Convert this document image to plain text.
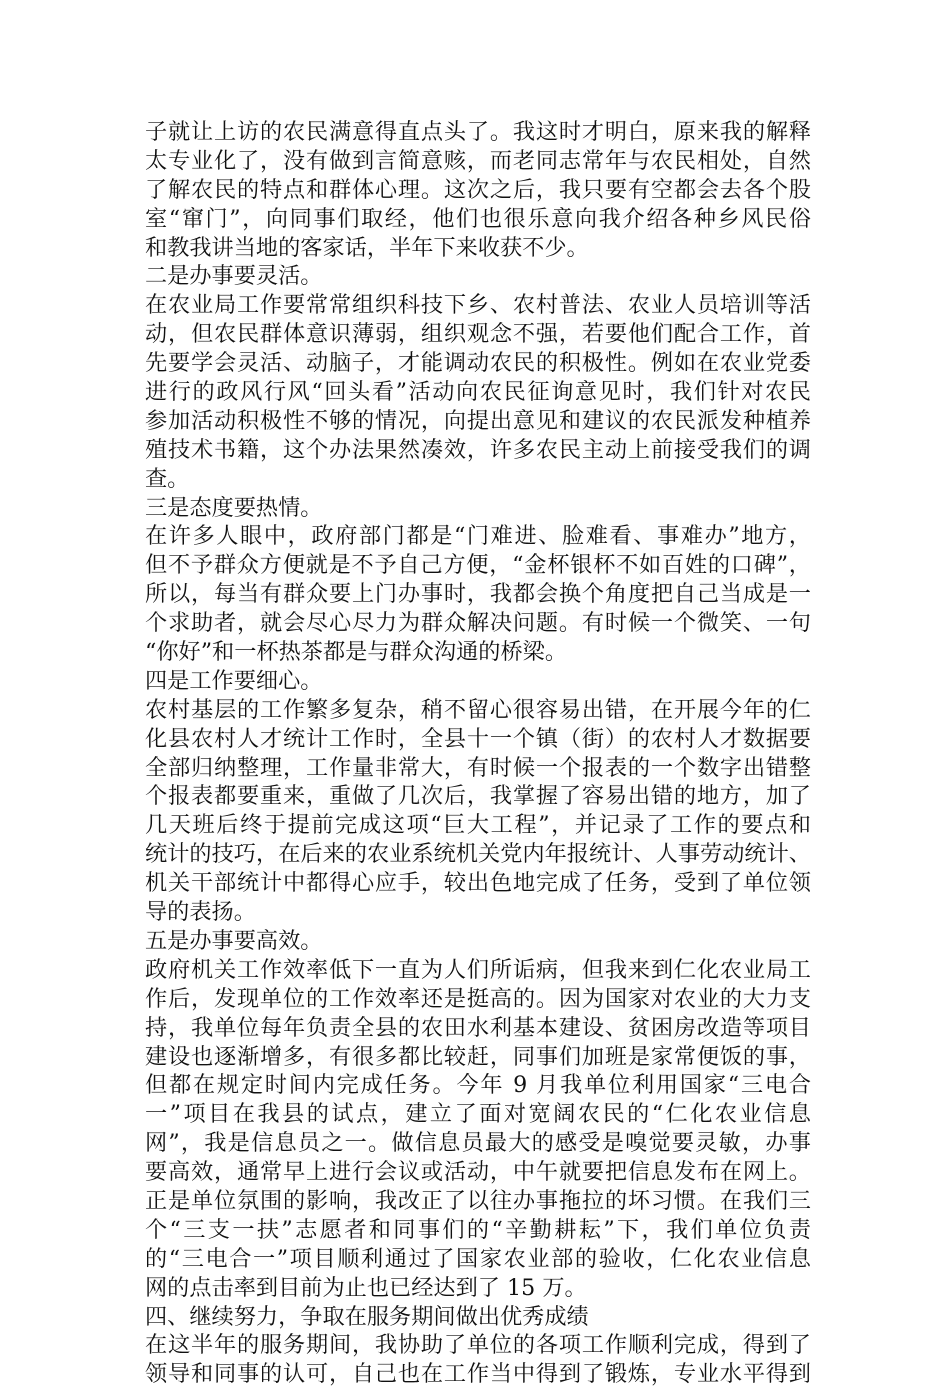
子就让上访的农民满意得直点头了。我这时才明白，原来我的解释
太专业化了，没有做到言简意赅，而老同志常年与农民相处，自然
了解农民的特点和群体心理。这次之后，我只要有空都会去各个股
室“窜门”，向同事们取经，他们也很乐意向我介绍各种乡风民俗
和教我讲当地的客家话，半年下来收获不少。
二是办事要灵活。
在农业局工作要常常组织科技下乡、农村普法、农业人员培训等活
动，但农民群体意识薄弱，组织观念不强，若要他们配合工作，首
先要学会灵活、动脑子，才能调动农民的积极性。例如在农业党委
进行的政风行风“回头看”活动向农民征询意见时，我们针对农民
参加活动积极性不够的情况，向提出意见和建议的农民派发种植养
殖技术书籍，这个办法果然凑效，许多农民主动上前接受我们的调
查。
三是态度要热情。
在许多人眼中，政府部门都是“门难进、脸难看、事难办”地方，
但不予群众方便就是不予自己方便，“金杯银杯不如百姓的口碑”，
所以，每当有群众要上门办事时，我都会换个角度把自己当成是一
个求助者，就会尽心尽力为群众解决问题。有时候一个微笑、一句
“你好”和一杯热茶都是与群众沟通的桥梁。
四是工作要细心。
农村基层的工作繁多复杂，稍不留心很容易出错，在开展今年的仁
化县农村人才统计工作时，全县十一个镇（街）的农村人才数据要
全部归纳整理，工作量非常大，有时候一个报表的一个数字出错整
个报表都要重来，重做了几次后，我掌握了容易出错的地方，加了
几天班后终于提前完成这项“巨大工程”，并记录了工作的要点和
统计的技巧，在后来的农业系统机关党内年报统计、人事劳动统计、
机关干部统计中都得心应手，较出色地完成了任务，受到了单位领
导的表扬。
五是办事要高效。
政府机关工作效率低下一直为人们所诟病，但我来到仁化农业局工
作后，发现单位的工作效率还是挺高的。因为国家对农业的大力支
持，我单位每年负责全县的农田水利基本建设、贫困房改造等项目
建设也逐渐增多，有很多都比较赶，同事们加班是家常便饭的事，
但都在规定时间内完成任务。今年 9 月我单位利用国家“三电合
一”项目在我县的试点，建立了面对宽阔农民的“仁化农业信息
网”，我是信息员之一。做信息员最大的感受是嗅觉要灵敏，办事
要高效，通常早上进行会议或活动，中午就要把信息发布在网上。
正是单位氛围的影响，我改正了以往办事拖拉的坏习惯。在我们三
个“三支一扶”志愿者和同事们的“辛勤耕耘”下，我们单位负责
的“三电合一”项目顺利通过了国家农业部的验收，仁化农业信息
网的点击率到目前为止也已经达到了 15 万。
四、继续努力，争取在服务期间做出优秀成绩
在这半年的服务期间，我协助了单位的各项工作顺利完成，得到了
领导和同事的认可，自己也在工作当中得到了锻炼，专业水平得到
